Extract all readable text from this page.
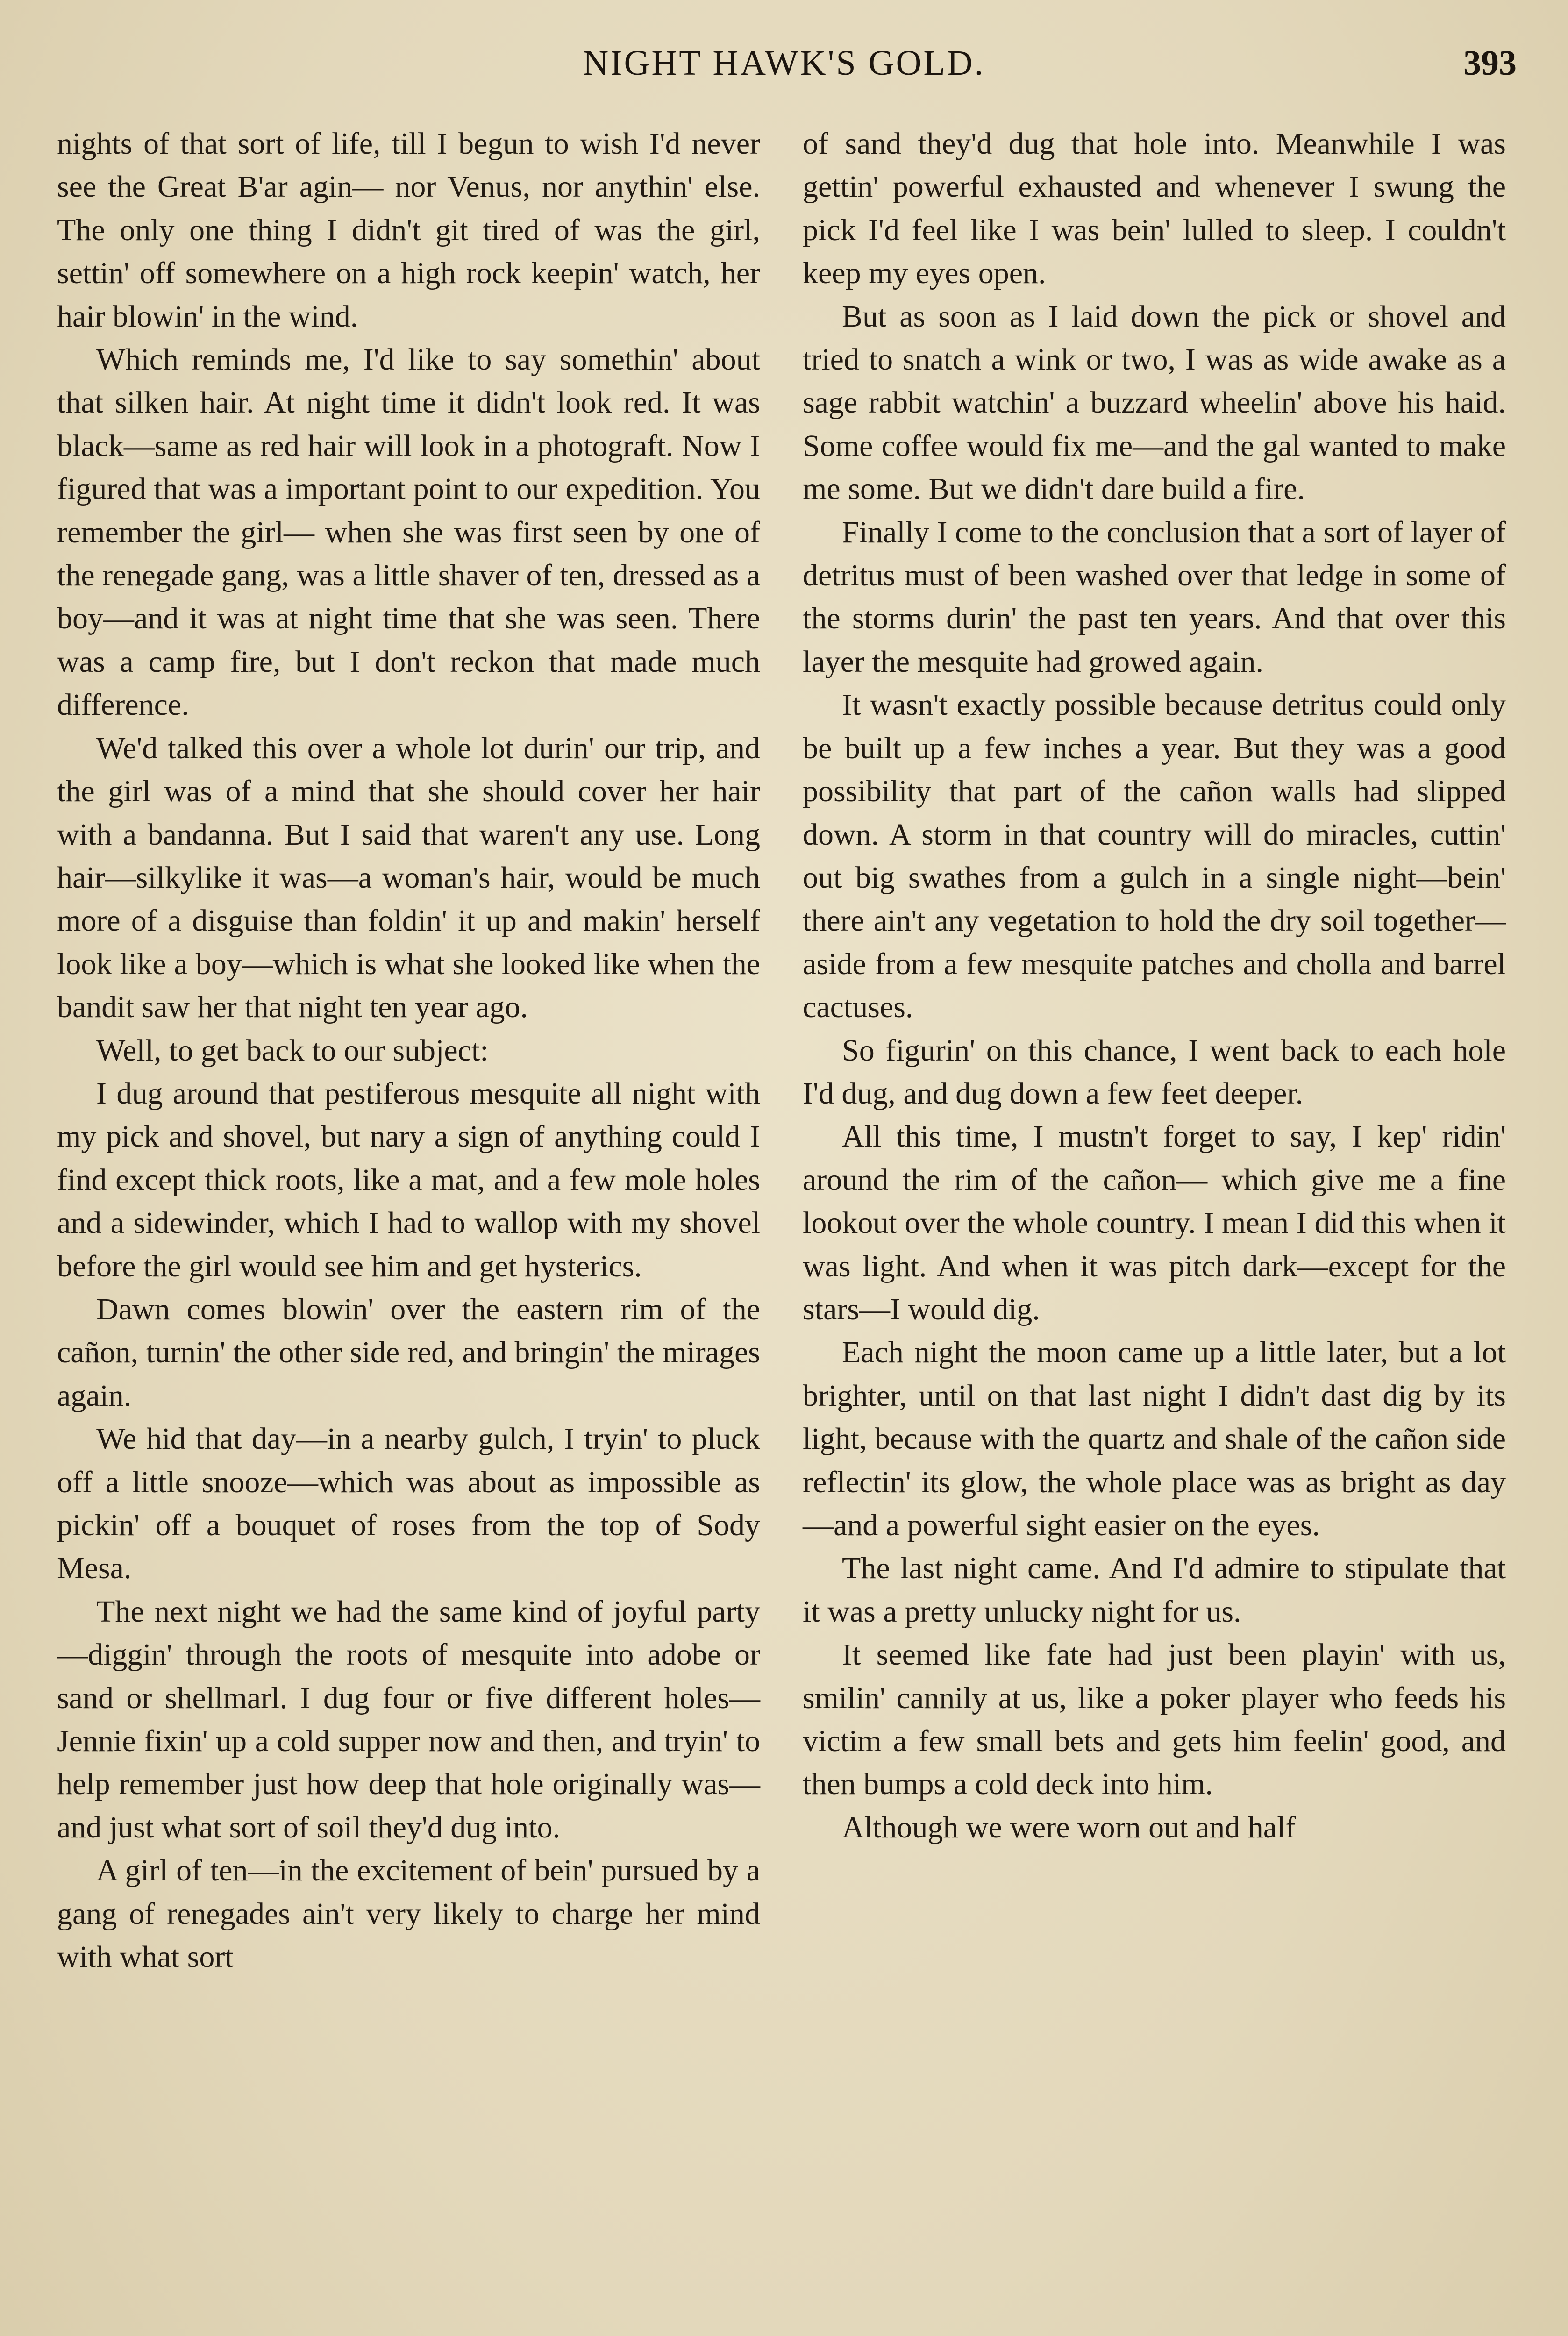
NIGHT HAWK'S GOLD.	393

nights of that sort of life, till I begun to wish I'd never see the Great B'ar agin— nor Venus, nor anythin' else. The only one thing I didn't git tired of was the girl, settin' off somewhere on a high rock keepin' watch, her hair blowin' in the wind.

Which reminds me, I'd like to say somethin' about that silken hair. At night time it didn't look red. It was black—same as red hair will look in a photograft. Now I figured that was a important point to our expedition. You remember the girl— when she was first seen by one of the renegade gang, was a little shaver of ten, dressed as a boy—and it was at night time that she was seen. There was a camp fire, but I don't reckon that made much difference.

We'd talked this over a whole lot durin' our trip, and the girl was of a mind that she should cover her hair with a bandanna. But I said that waren't any use. Long hair—silkylike it was—a woman's hair, would be much more of a disguise than foldin' it up and makin' herself look like a boy—which is what she looked like when the bandit saw her that night ten year ago.

Well, to get back to our subject:

I dug around that pestiferous mesquite all night with my pick and shovel, but nary a sign of anything could I find except thick roots, like a mat, and a few mole holes and a sidewinder, which I had to wallop with my shovel before the girl would see him and get hysterics.

Dawn comes blowin' over the eastern rim of the cañon, turnin' the other side red, and bringin' the mirages again.

We hid that day—in a nearby gulch, I tryin' to pluck off a little snooze—which was about as impossible as pickin' off a bouquet of roses from the top of Sody Mesa.

The next night we had the same kind of joyful party—diggin' through the roots of mesquite into adobe or sand or shellmarl. I dug four or five different holes—Jennie fixin' up a cold supper now and then, and tryin' to help remember just how deep that hole originally was—and just what sort of soil they'd dug into.

A girl of ten—in the excitement of bein' pursued by a gang of renegades ain't very likely to charge her mind with what sort

of sand they'd dug that hole into. Meanwhile I was gettin' powerful exhausted and whenever I swung the pick I'd feel like I was bein' lulled to sleep. I couldn't keep my eyes open.

But as soon as I laid down the pick or shovel and tried to snatch a wink or two, I was as wide awake as a sage rabbit watchin' a buzzard wheelin' above his haid. Some coffee would fix me—and the gal wanted to make me some. But we didn't dare build a fire.

Finally I come to the conclusion that a sort of layer of detritus must of been washed over that ledge in some of the storms durin' the past ten years. And that over this layer the mesquite had growed again.

It wasn't exactly possible because detritus could only be built up a few inches a year. But they was a good possibility that part of the cañon walls had slipped down. A storm in that country will do miracles, cuttin' out big swathes from a gulch in a single night—bein' there ain't any vegetation to hold the dry soil together—aside from a few mesquite patches and cholla and barrel cactuses.

So figurin' on this chance, I went back to each hole I'd dug, and dug down a few feet deeper.

All this time, I mustn't forget to say, I kep' ridin' around the rim of the cañon— which give me a fine lookout over the whole country. I mean I did this when it was light. And when it was pitch dark—except for the stars—I would dig.

Each night the moon came up a little later, but a lot brighter, until on that last night I didn't dast dig by its light, because with the quartz and shale of the cañon side reflectin' its glow, the whole place was as bright as day—and a powerful sight easier on the eyes.

The last night came. And I'd admire to stipulate that it was a pretty unlucky night for us.

It seemed like fate had just been playin' with us, smilin' cannily at us, like a poker player who feeds his victim a few small bets and gets him feelin' good, and then bumps a cold deck into him.

Although we were worn out and half
